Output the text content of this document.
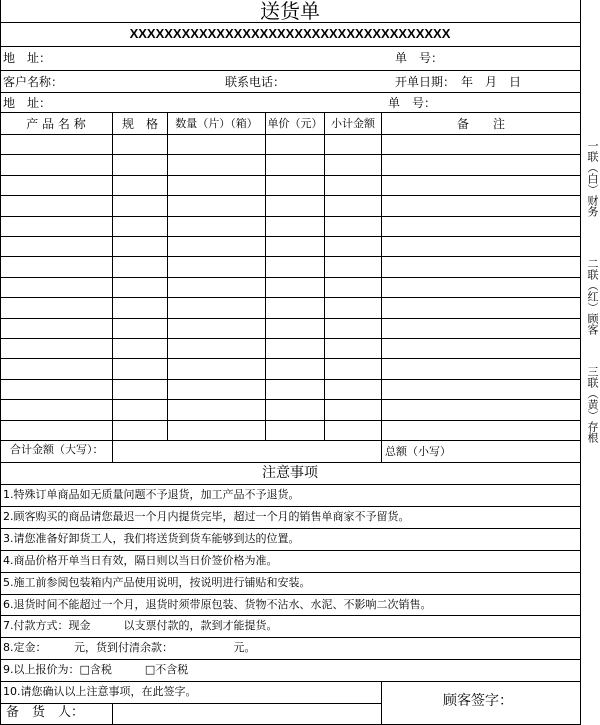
送货单
XXXXXXXXXXXXXXXXXXXXXXXXXXXXXXXXXXXXX
地　址：	单　号：
客户名称：	联系电话：	开单日期：　年　月　日
地　址：	单　号：
产 品 名 称	规　格	数量（片）（箱） 单价（元） 小计金额	备　　注
合计金额（大写）：	总额（小写）
注意事项
1.特殊订单商品如无质量问题不予退货，加工产品不予退货。
2.顾客购买的商品请您最迟一个月内提货完毕，超过一个月的销售单商家不予留货。
3.请您准备好卸货工人，我们将送货到货车能够到达的位置。
4.商品价格开单当日有效，隔日则以当日价签价格为准。
5.施工前参阅包装箱内产品使用说明，按说明进行铺贴和安装。
6.退货时间不能超过一个月，退货时须带原包装、货物不沾水、水泥、不影响二次销售。
7.付款方式：现金　　　以支票付款的，款到才能提货。
8.定金：　　　元，货到付清余款：　　　　　　元。
9.以上报价为：□含税　　　□不含税
10.请您确认以上注意事项，在此签字。
备　货　人：
顾客签字：
一联（白）财务
二联（红）顾客
三联（黄）存根
